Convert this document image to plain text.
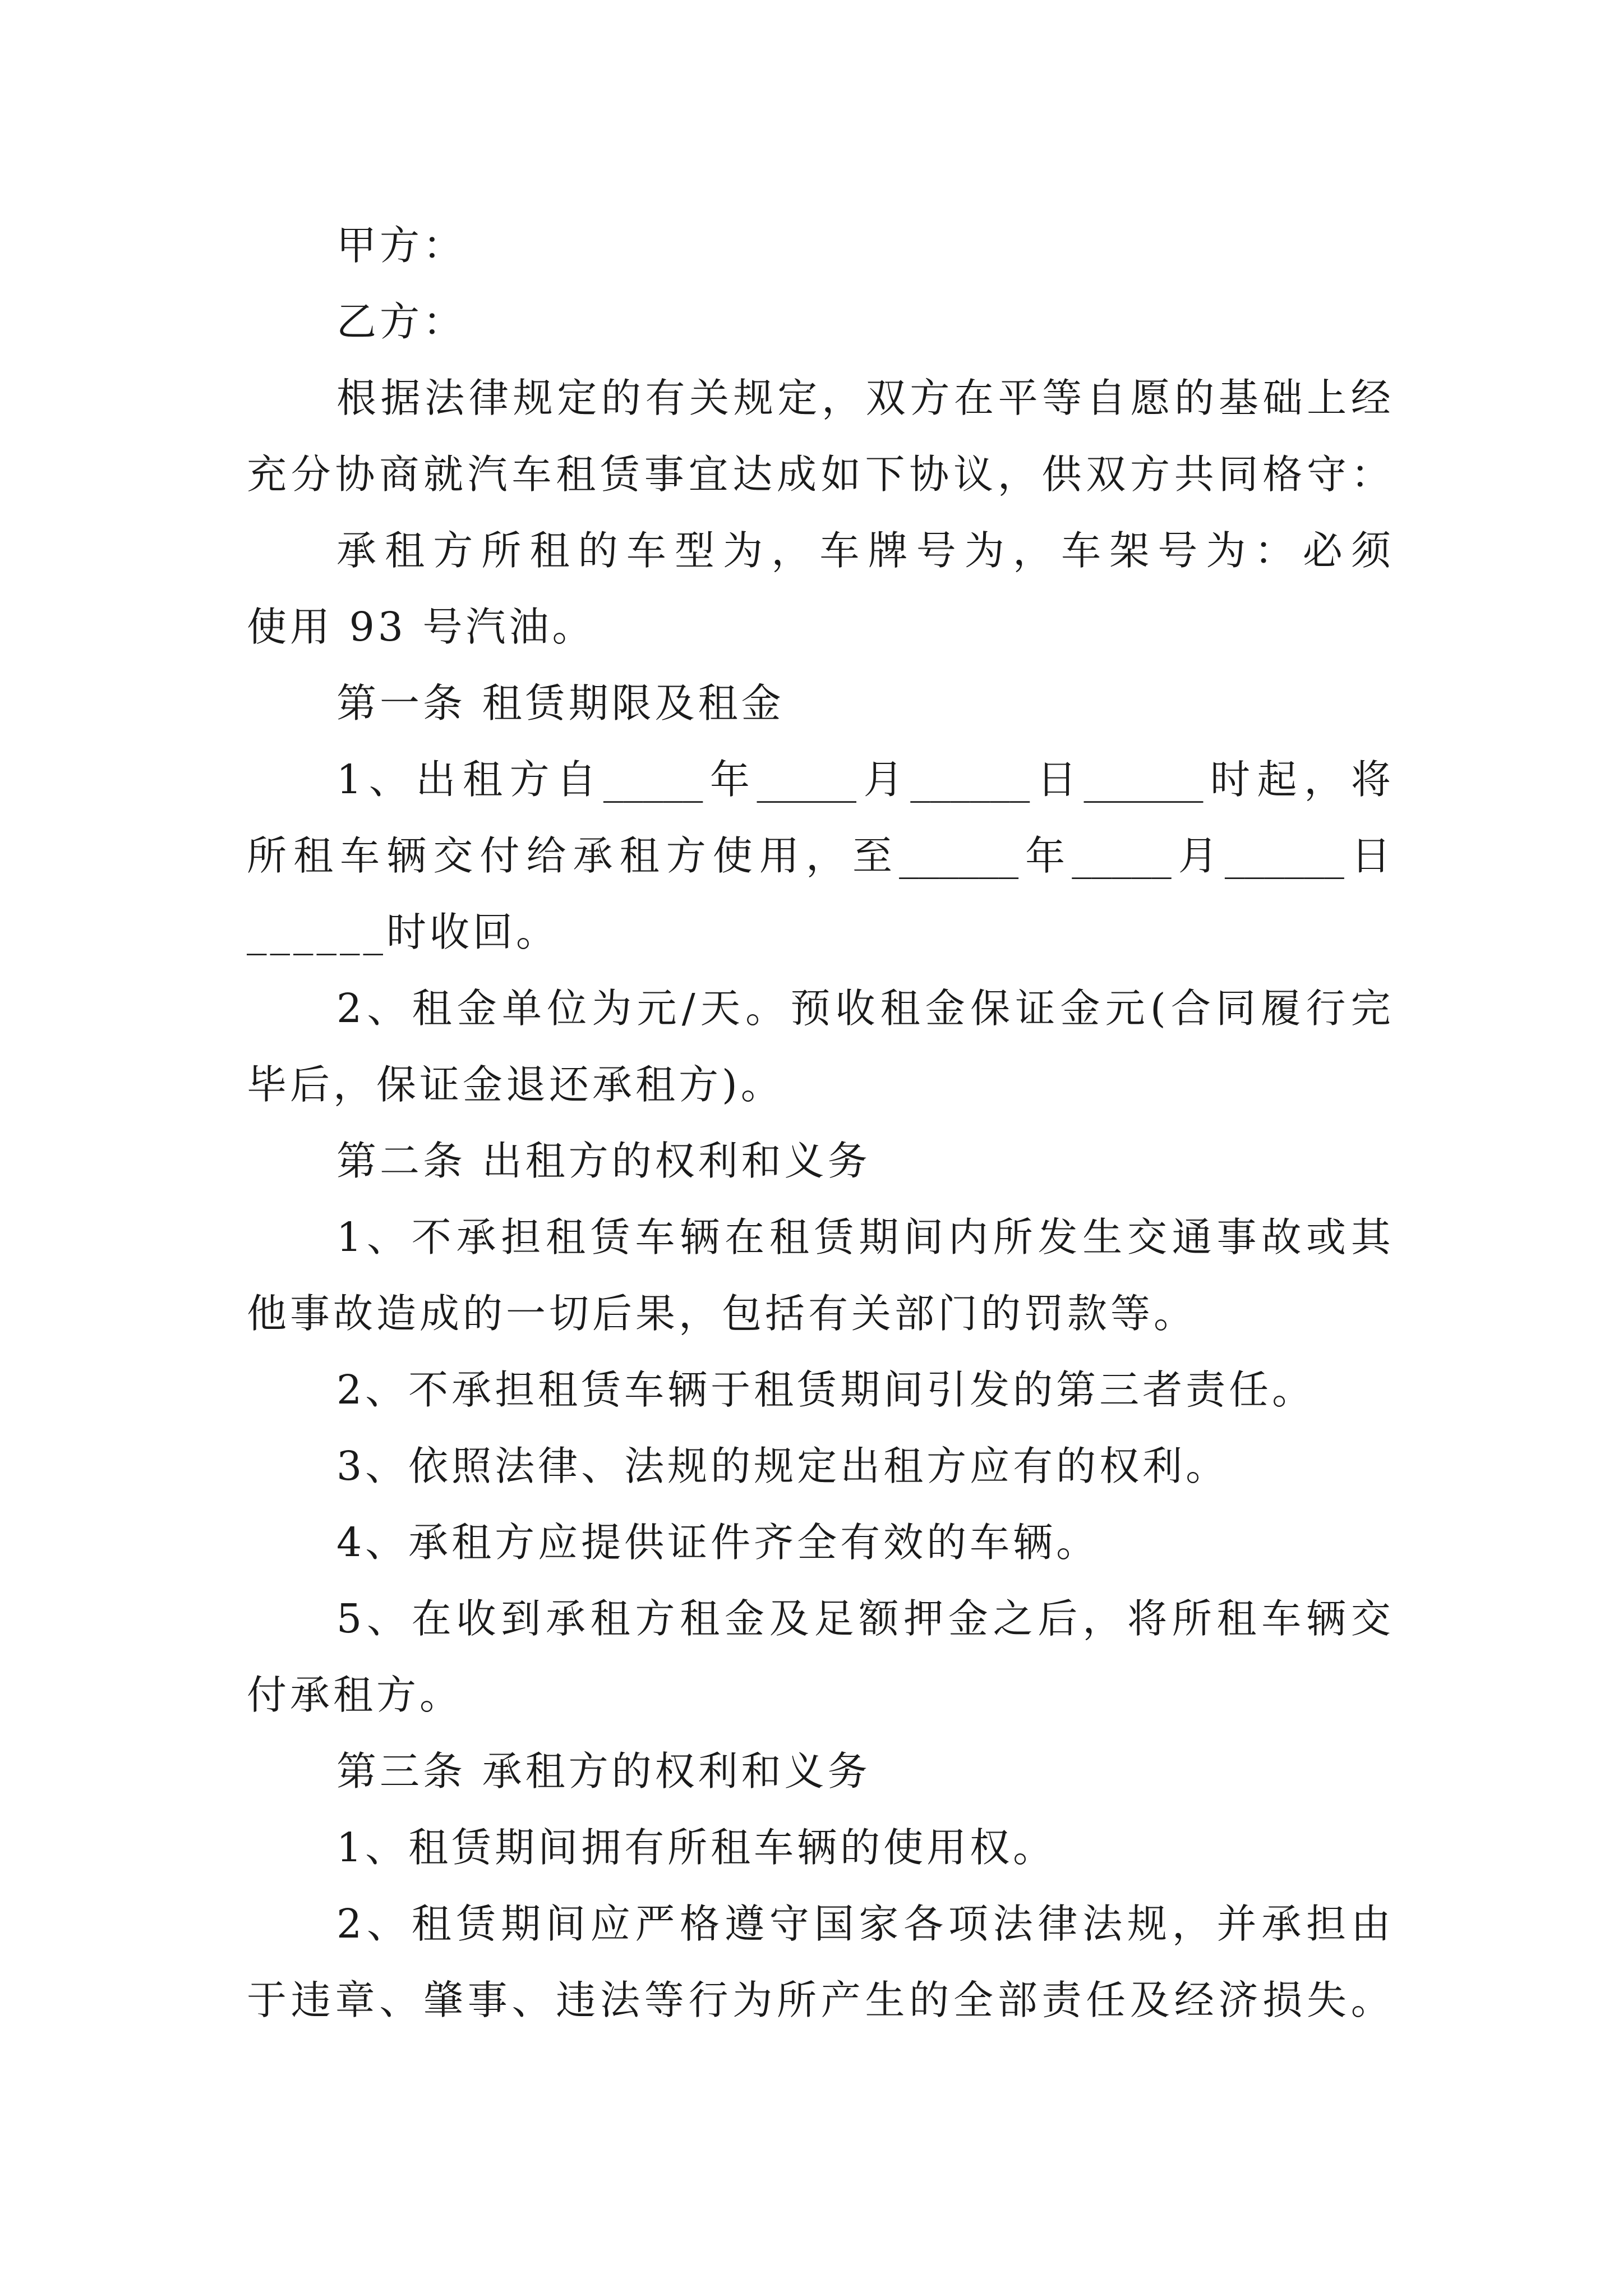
甲方：
乙方：
根 据 法 律 规 定 的 有 关 规 定 ， 双 方 在 平 等 自 愿 的 基 础 上 经
充 分 协 商 就 汽 车 租 赁 事 宜 达 成 如 下 协 议 ， 供 双 方 共 同 格 守 ：
承 租 方 所 租 的 车 型 为 ， 车 牌 号 为 ， 车 架 号 为 ： 必 须
使用 93 号汽油。
第一条 租赁期限及租金
1 、 出 租 方 自 _____ 年 _____ 月 ______ 日 ______ 时 起 ， 将
所 租 车 辆 交 付 给 承 租 方 使 用 ， 至 ______ 年 _____ 月 ______ 日
______时收回。
2 、 租 金 单 位 为 元 / 天 。 预 收 租 金 保 证 金 元 ( 合 同 履 行 完
毕后，保证金退还承租方)。
第二条 出租方的权利和义务
1 、 不 承 担 租 赁 车 辆 在 租 赁 期 间 内 所 发 生 交 通 事 故 或 其
他事故造成的一切后果，包括有关部门的罚款等。
2、不承担租赁车辆于租赁期间引发的第三者责任。
3、依照法律、法规的规定出租方应有的权利。
4、承租方应提供证件齐全有效的车辆。
5 、 在 收 到 承 租 方 租 金 及 足 额 押 金 之 后 ， 将 所 租 车 辆 交
付承租方。
第三条 承租方的权利和义务
1、租赁期间拥有所租车辆的使用权。
2 、 租 赁 期 间 应 严 格 遵 守 国 家 各 项 法 律 法 规 ， 并 承 担 由
于 违 章 、 肇 事 、 违 法 等 行 为 所 产 生 的 全 部 责 任 及 经 济 损 失 。
